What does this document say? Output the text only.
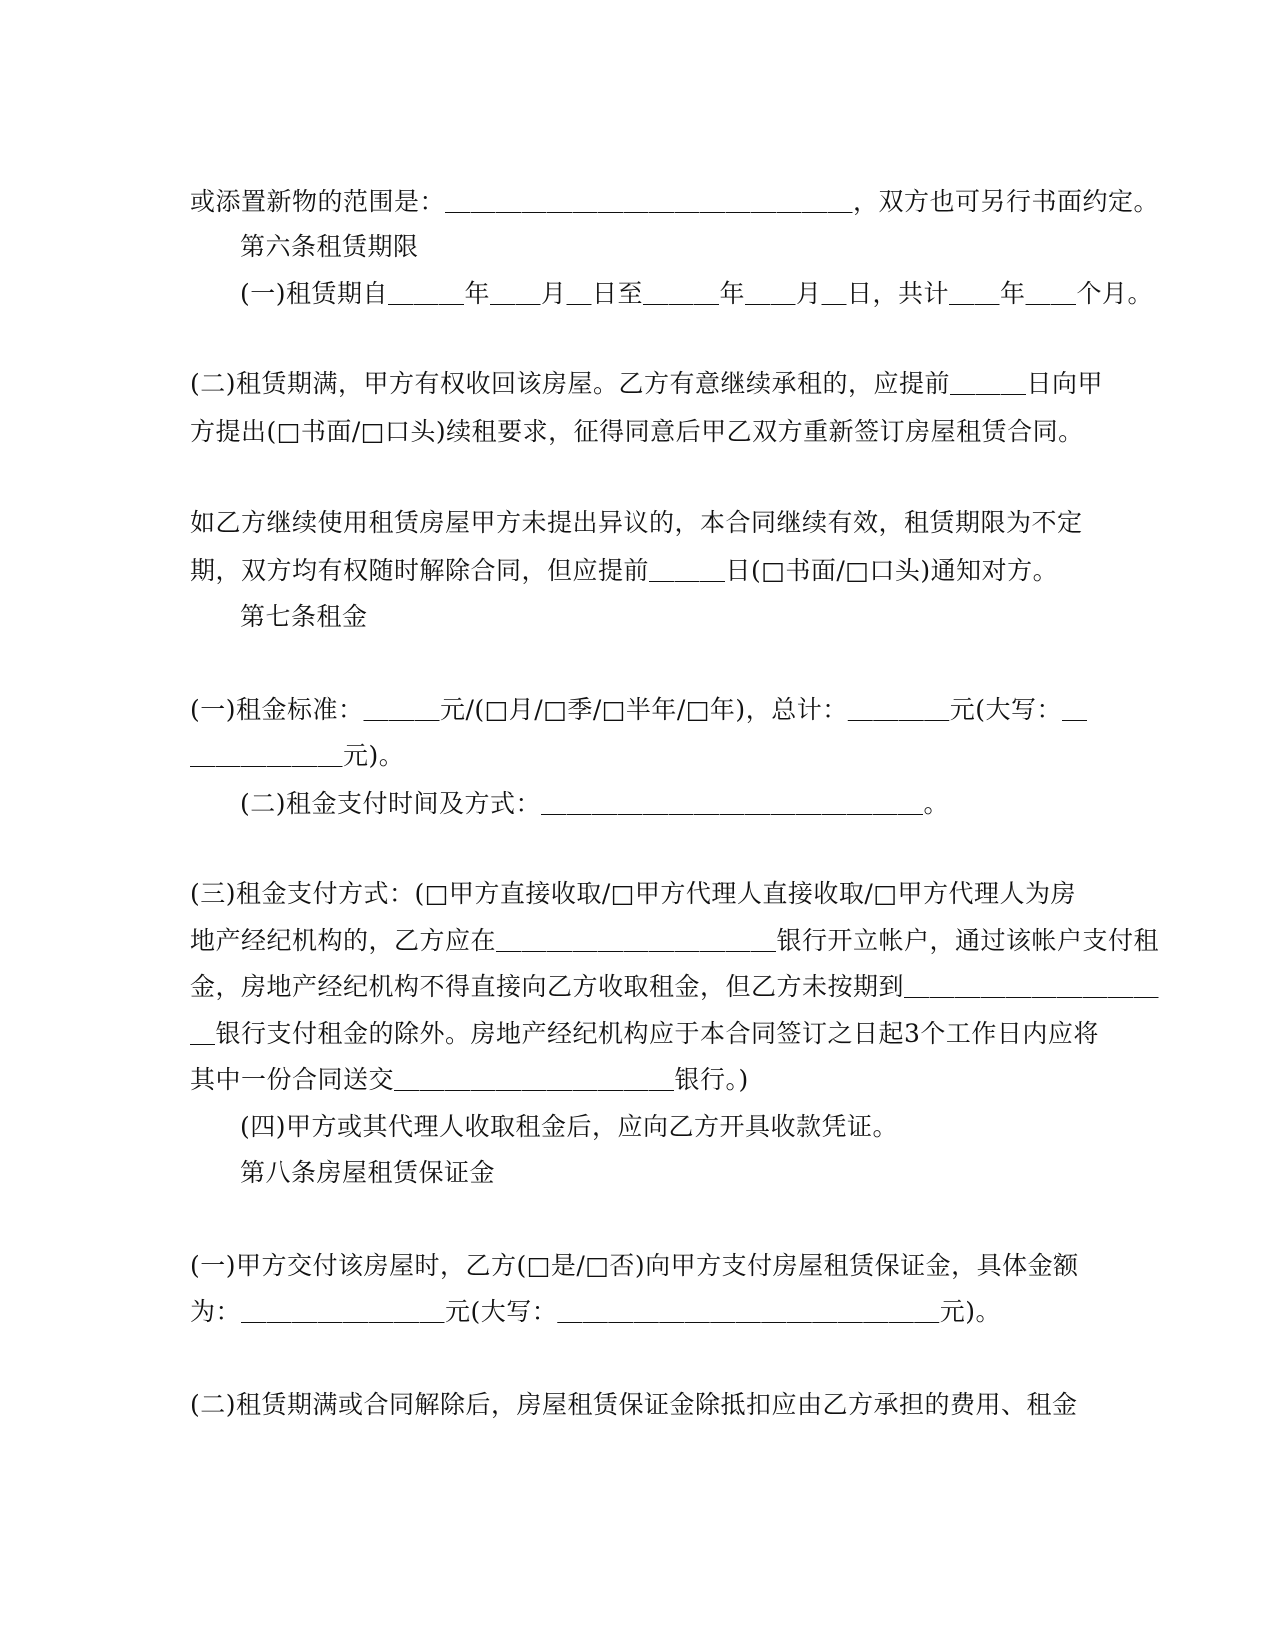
或添置新物的范围是：＿＿＿＿＿＿＿＿＿＿＿＿＿＿＿＿，双方也可另行书面约定。

第六条租赁期限

(一)租赁期自＿＿＿年＿＿月＿日至＿＿＿年＿＿月＿日，共计＿＿年＿＿个月。

(二)租赁期满，甲方有权收回该房屋。乙方有意继续承租的，应提前＿＿＿日向甲

方提出(□书面/□口头)续租要求，征得同意后甲乙双方重新签订房屋租赁合同。

如乙方继续使用租赁房屋甲方未提出异议的，本合同继续有效，租赁期限为不定

期，双方均有权随时解除合同，但应提前＿＿＿日(□书面/□口头)通知对方。

第七条租金

(一)租金标准：＿＿＿元/(□月/□季/□半年/□年)，总计：＿＿＿＿元(大写：＿

＿＿＿＿＿＿元)。

(二)租金支付时间及方式：＿＿＿＿＿＿＿＿＿＿＿＿＿＿＿。

(三)租金支付方式：(□甲方直接收取/□甲方代理人直接收取/□甲方代理人为房

地产经纪机构的，乙方应在＿＿＿＿＿＿＿＿＿＿＿银行开立帐户，通过该帐户支付租

金，房地产经纪机构不得直接向乙方收取租金，但乙方未按期到＿＿＿＿＿＿＿＿＿＿

＿银行支付租金的除外。房地产经纪机构应于本合同签订之日起3个工作日内应将

其中一份合同送交＿＿＿＿＿＿＿＿＿＿＿银行。)

(四)甲方或其代理人收取租金后，应向乙方开具收款凭证。

第八条房屋租赁保证金

(一)甲方交付该房屋时，乙方(□是/□否)向甲方支付房屋租赁保证金，具体金额

为：＿＿＿＿＿＿＿＿元(大写：＿＿＿＿＿＿＿＿＿＿＿＿＿＿＿元)。

(二)租赁期满或合同解除后，房屋租赁保证金除抵扣应由乙方承担的费用、租金
